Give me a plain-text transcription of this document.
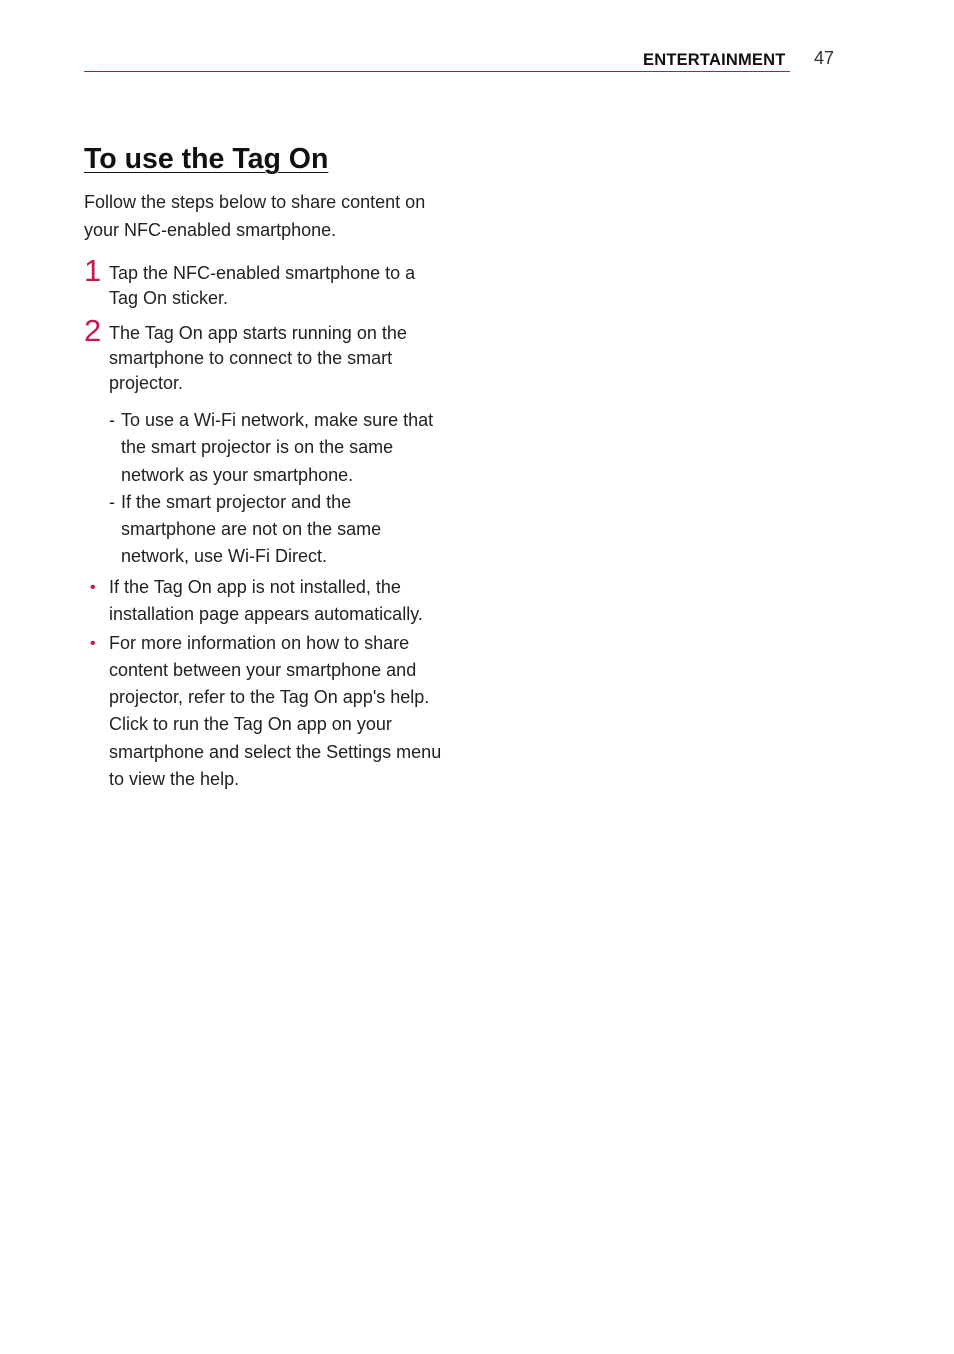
ENTERTAINMENT 47
To use the Tag On

Follow the steps below to share content on your NFC-enabled smartphone.

1 Tap the NFC-enabled smartphone to a Tag On sticker.
2 The Tag On app starts running on the smartphone to connect to the smart projector.
- To use a Wi-Fi network, make sure that the smart projector is on the same network as your smartphone.
- If the smart projector and the smartphone are not on the same network, use Wi-Fi Direct.
• If the Tag On app is not installed, the installation page appears automatically.
• For more information on how to share content between your smartphone and projector, refer to the Tag On app's help. Click to run the Tag On app on your smartphone and select the Settings menu to view the help.
